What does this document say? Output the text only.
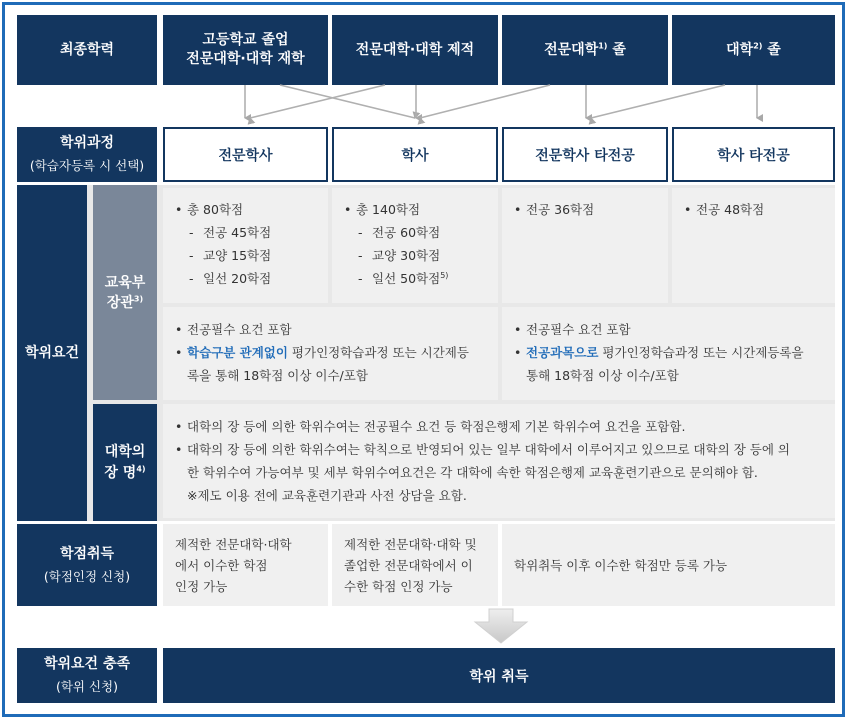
최종학력
고등학교 졸업
전문대학·대학 재학
전문대학·대학 제적	전문대학$^{1)}$ 졸	대학$^{2)}$ 졸
학위과정
(학습자등록 시 선택)
전문학사	학사	전문학사 타전공	학사 타전공
학위요건
교육부
장관$^{3)}$
• 총 80학점
- 전공 45학점
- 교양 15학점
- 일선 20학점
• 총 140학점
- 전공 60학점
- 교양 30학점
- 일선 50학점$^{5)}$
• 전공 36학점
•	전공 48학점
• 전공필수 요건 포함
• 학습구분 관계없이 평가인정학습과정 또는 시간제등
록을 통해 18학점 이상 이수/포함
• 전공필수 요건 포함
• 전공과목으로 평가인정학습과정 또는 시간제등록을
통해 18학점 이상 이수/포함
대학의
장 명$^{4)}$
• 대학의 장 등에 의한 학위수여는 전공필수 요건 등 학점은행제 기본 학위수여 요건을 포함함.
• 대학의 장 등에 의한 학위수여는 학칙으로 반영되어 있는 일부 대학에서 이루어지고 있으므로 대학의 장 등에 의
한 학위수여 가능여부 및 세부 학위수여요건은 각 대학에 속한 학점은행제 교육훈련기관으로 문의해야 함.
※제도 이용 전에 교육훈련기관과 사전 상담을 요함.
학점취득
(학점인정 신청)
제적한 전문대학·대학
에서 이수한 학점
인정 가능
제적한 전문대학·대학 및
졸업한 전문대학에서 이
수한 학점 인정 가능
학위취득 이후 이수한 학점만 등록 가능
학위요건 충족
(학위 신청)
학위 취득
